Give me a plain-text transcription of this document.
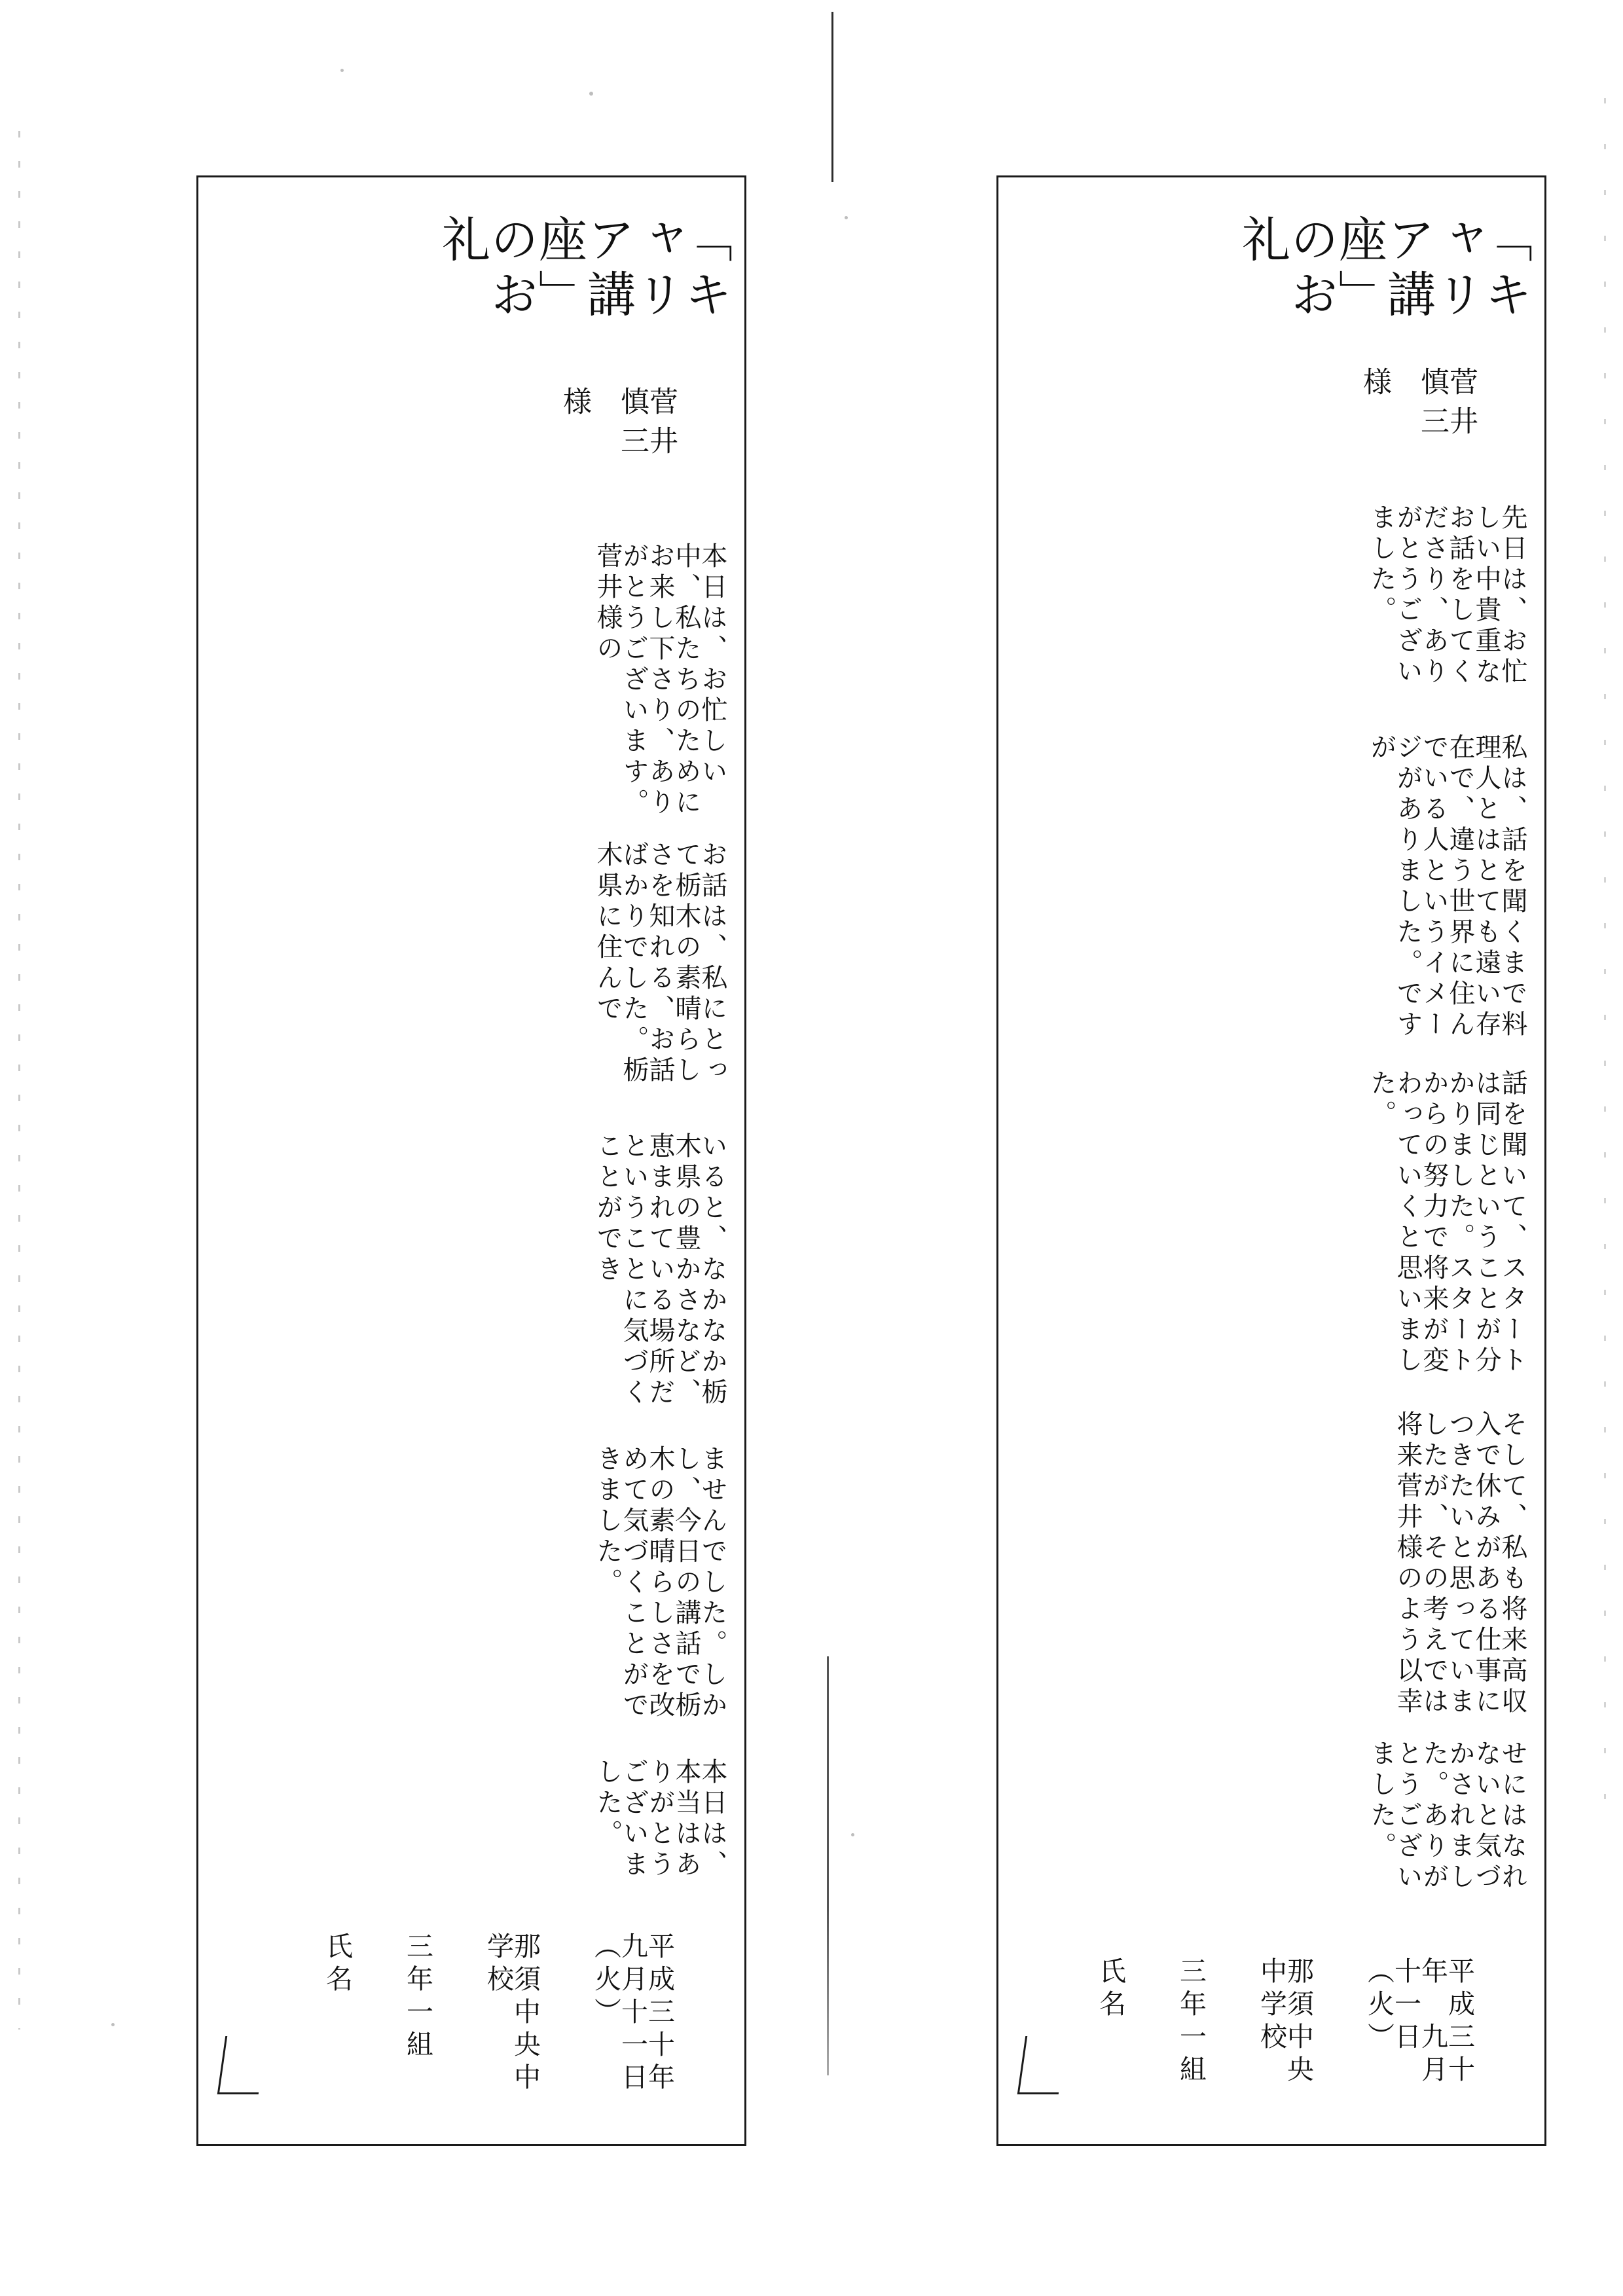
「キャリア講座」のお礼

菅井 慎三
様

先日は、お忙しい中貴重なお話をしてくださり、ありがとうございました。
私は、話を聞くまで料理人とはとても遠い存在で、違う世界に住んでいる人というイメージがありました。ですが
話を聞いて、スタートは同じということが分かりました。スタートからの努力で将来が変わっていくと思いました。
そして、私も将来高収入で休みがある仕事につきたいと思っていましたが、その考えでは将来菅井様のよう以幸
せにはなれないと気づかされました。ありがとうございました。

平成三十年　九月十一日（火）

那須中央中学校

三年一組

氏名

「キャリア講座」のお礼

菅井 慎三
様

本日は、お忙しい中、私たちのためにお来し下さり、ありがとうございます。菅井様の
お話は、私にとって栃木の素晴らしさを知れる、お話ばかりでした。栃木県に住んで
いると、なかなか栃木県の豊かさなど、恵まれている場所だということに気づくことができ
ませんでした。しかし、今日の講話で栃木の素晴らしさを改めて気づくことができました。
本日は、本当はありがとうございました。

平成三十年　九月十一日（火）

那須中央中学校

三年一組

氏名
